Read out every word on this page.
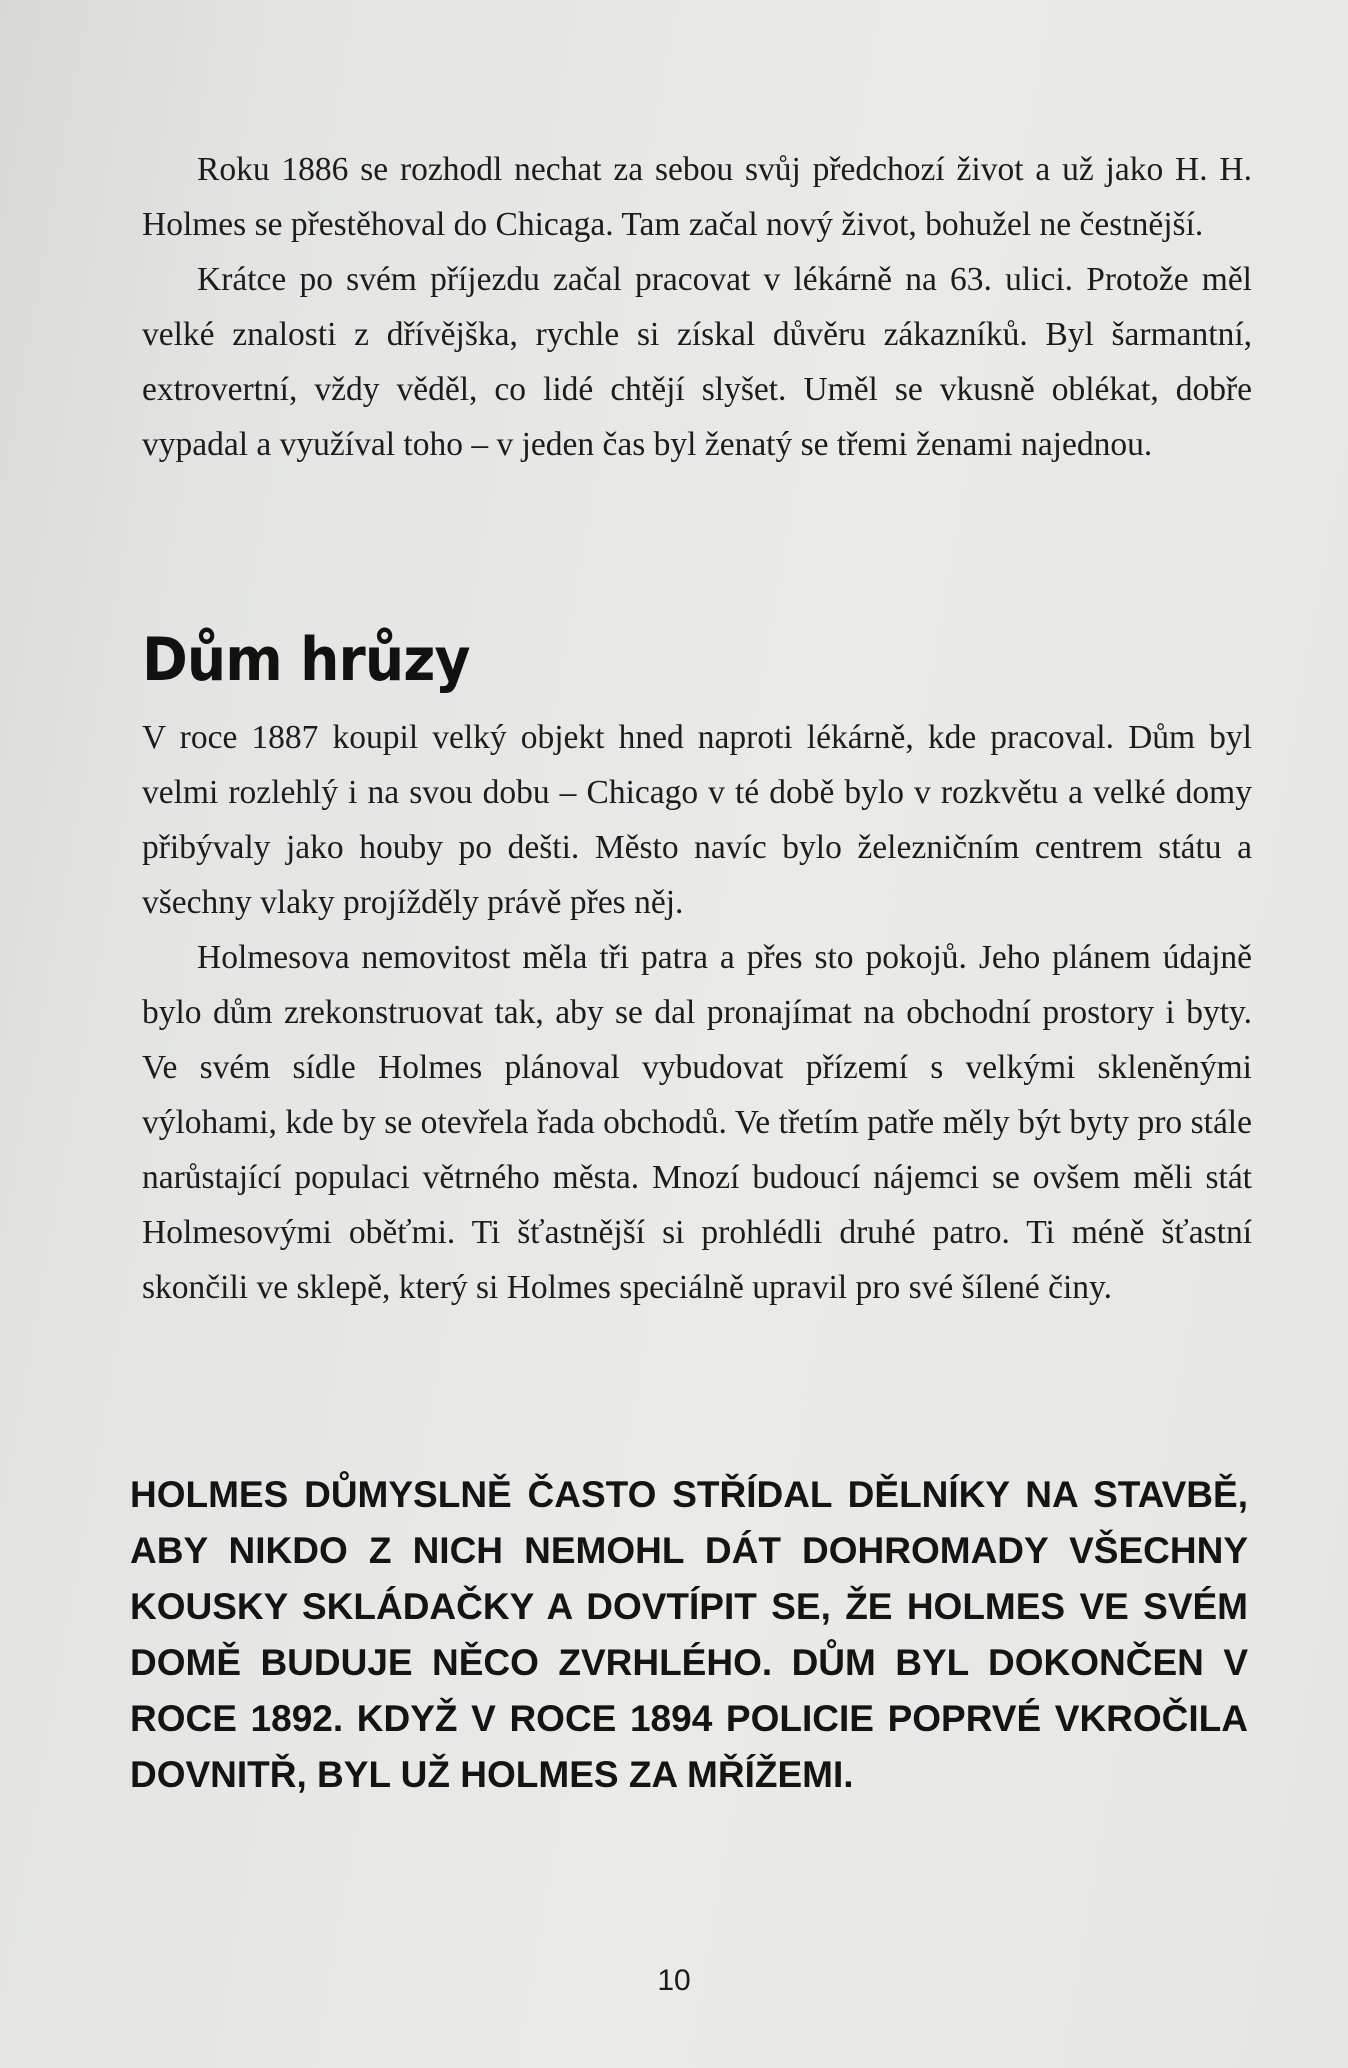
Roku 1886 se rozhodl nechat za sebou svůj předchozí život a už jako H. H. Holmes se přestěhoval do Chicaga. Tam začal nový život, bohužel ne čestnější.

Krátce po svém příjezdu začal pracovat v lékárně na 63. ulici. Protože měl velké znalosti z dřívějška, rychle si získal důvěru zákazníků. Byl šarmantní, extrovertní, vždy věděl, co lidé chtějí slyšet. Uměl se vkusně oblékat, dobře vypadal a využíval toho – v jeden čas byl ženatý se třemi ženami najednou.

Dům hrůzy

V roce 1887 koupil velký objekt hned naproti lékárně, kde pracoval. Dům byl velmi rozlehlý i na svou dobu – Chicago v té době bylo v rozkvětu a velké domy přibývaly jako houby po dešti. Město navíc bylo železničním centrem státu a všechny vlaky projížděly právě přes něj.

Holmesova nemovitost měla tři patra a přes sto pokojů. Jeho plánem údajně bylo dům zrekonstruovat tak, aby se dal pronajímat na obchodní prostory i byty. Ve svém sídle Holmes plánoval vybudovat přízemí s velkými skleněnými výlohami, kde by se otevřela řada obchodů. Ve třetím patře měly být byty pro stále narůstající populaci větrného města. Mnozí budoucí nájemci se ovšem měli stát Holmesovými oběťmi. Ti šťastnější si prohlédli druhé patro. Ti méně šťastní skončili ve sklepě, který si Holmes speciálně upravil pro své šílené činy.

HOLMES DŮMYSLNĚ ČASTO STŘÍDAL DĚLNÍKY NA STAVBĚ, ABY NIKDO Z NICH NEMOHL DÁT DOHROMADY VŠECHNY KOUSKY SKLÁDAČKY A DOVTÍPIT SE, ŽE HOLMES VE SVÉM DOMĚ BUDUJE NĚCO ZVRHLÉHO. DŮM BYL DOKONČEN V ROCE 1892. KDYŽ V ROCE 1894 POLICIE POPRVÉ VKROČILA DOVNITŘ, BYL UŽ HOLMES ZA MŘÍŽEMI.

10
